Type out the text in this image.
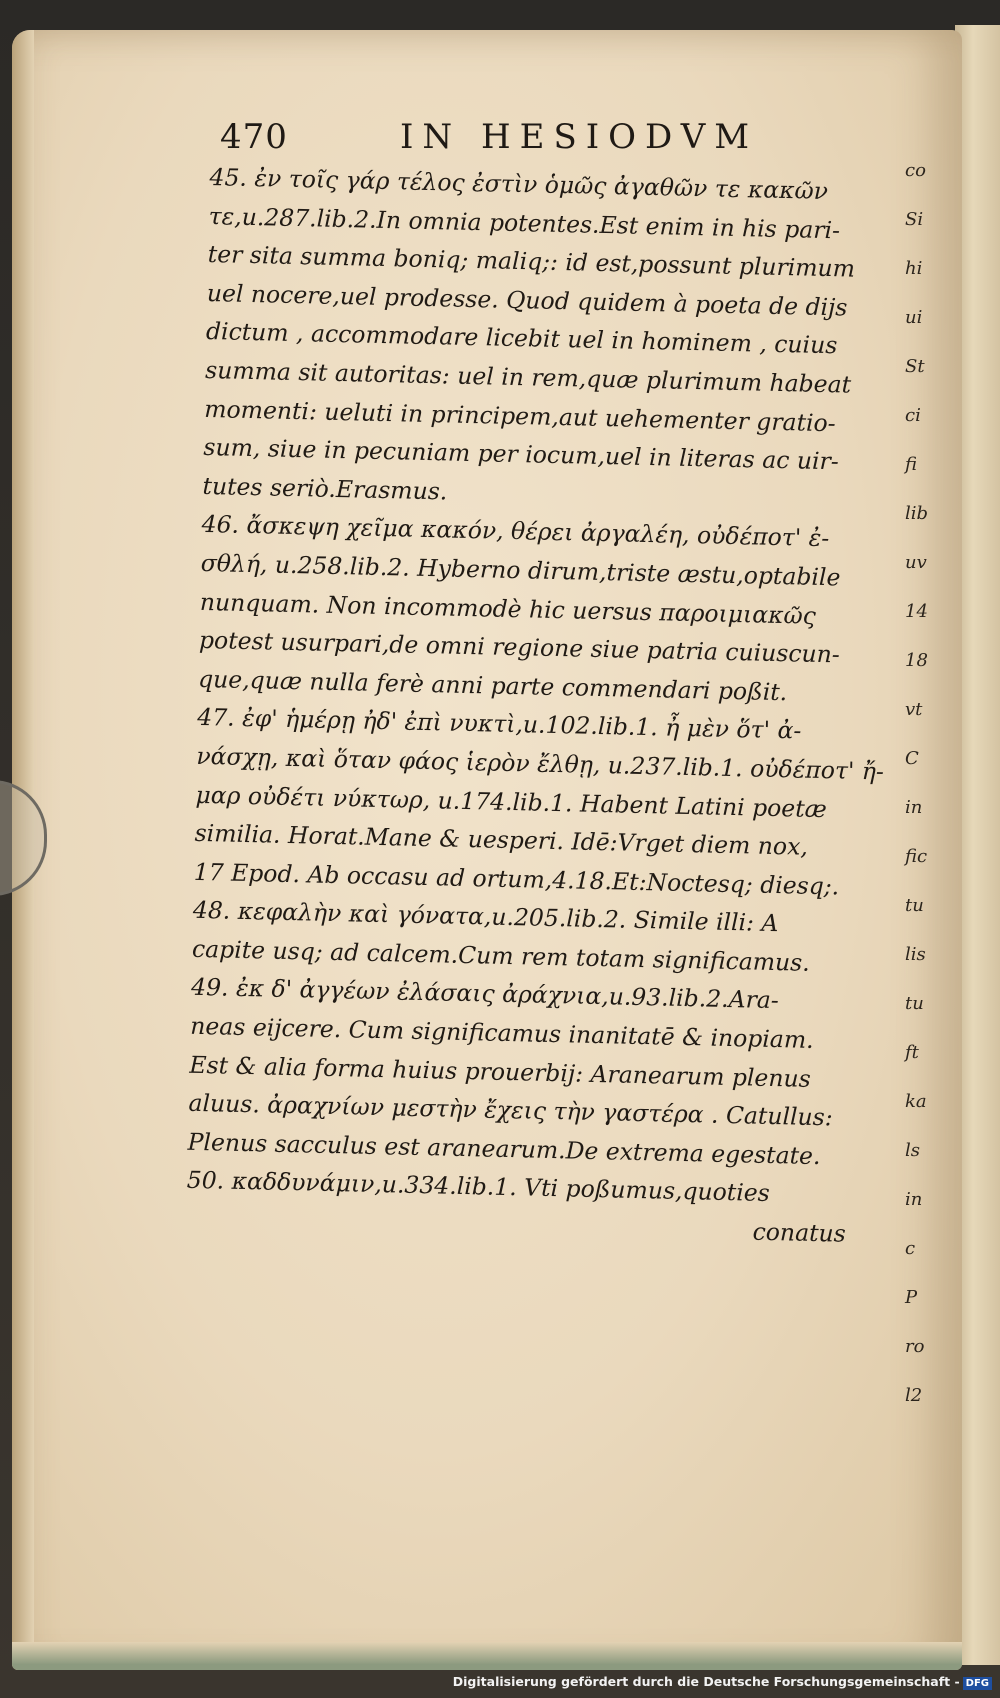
470	IN HESIODVM
45. ἐν τοῖς γάρ τέλος ἐστὶν ὁμῶς ἀγαθῶν τε κακῶν
τε,u.287.lib.2.In omnia potentes.Est enim in his pari-
ter sita summa boniq; maliq;: id est,possunt plurimum
uel nocere,uel prodesse. Quod quidem à poeta de dijs
dictum , accommodare licebit uel in hominem , cuius
summa sit autoritas: uel in rem,quæ plurimum habeat
momenti: ueluti in principem,aut uehementer gratio-
sum, siue in pecuniam per iocum,uel in literas ac uir-
tutes seriò.Erasmus.
46. ἄσκεψη χεῖμα κακόν, θέρει ἀργαλέη, οὐδέποτ' ἐ-
σθλή, u.258.lib.2. Hyberno dirum,triste æstu,optabile
nunquam. Non incommodè hic uersus παροιμιακῶς
potest usurpari,de omni regione siue patria cuiuscun-
que,quæ nulla ferè anni parte commendari poßit.
47. ἐφ' ἡμέρῃ ἠδ' ἐπὶ νυκτὶ,u.102.lib.1. ἦ μὲν ὅτ' ἀ-
νάσχῃ, καὶ ὅταν φάος ἱερὸν ἔλθῃ, u.237.lib.1. οὐδέποτ' ἤ-
μαρ οὐδέτι νύκτωρ, u.174.lib.1. Habent Latini poetæ
similia. Horat.Mane & uesperi. Idē:Vrget diem nox,
17 Epod. Ab occasu ad ortum,4.18.Et:Noctesq; diesq;.
48. κεφαλὴν καὶ γόνατα,u.205.lib.2. Simile illi: A
capite usq; ad calcem.Cum rem totam significamus.
49. ἐκ δ' ἀγγέων ἐλάσαις ἀράχνια,u.93.lib.2.Ara-
neas eijcere. Cum significamus inanitatē & inopiam.
Est & alia forma huius prouerbij: Aranearum plenus
aluus. ἀραχνίων μεστὴν ἔχεις τὴν γαστέρα . Catullus:
Plenus sacculus est aranearum.De extrema egestate.
50. καδδυνάμιν,u.334.lib.1. Vti poßumus,quoties
conatus
co
Si
hi
ui
St
ci
fi
lib
uv
14
18
vt
C
in
fic
tu
lis
tu
ft
ka
ls
in
c
P
ro
l2
Digitalisierung gefördert durch die Deutsche Forschungsgemeinschaft - DFG
